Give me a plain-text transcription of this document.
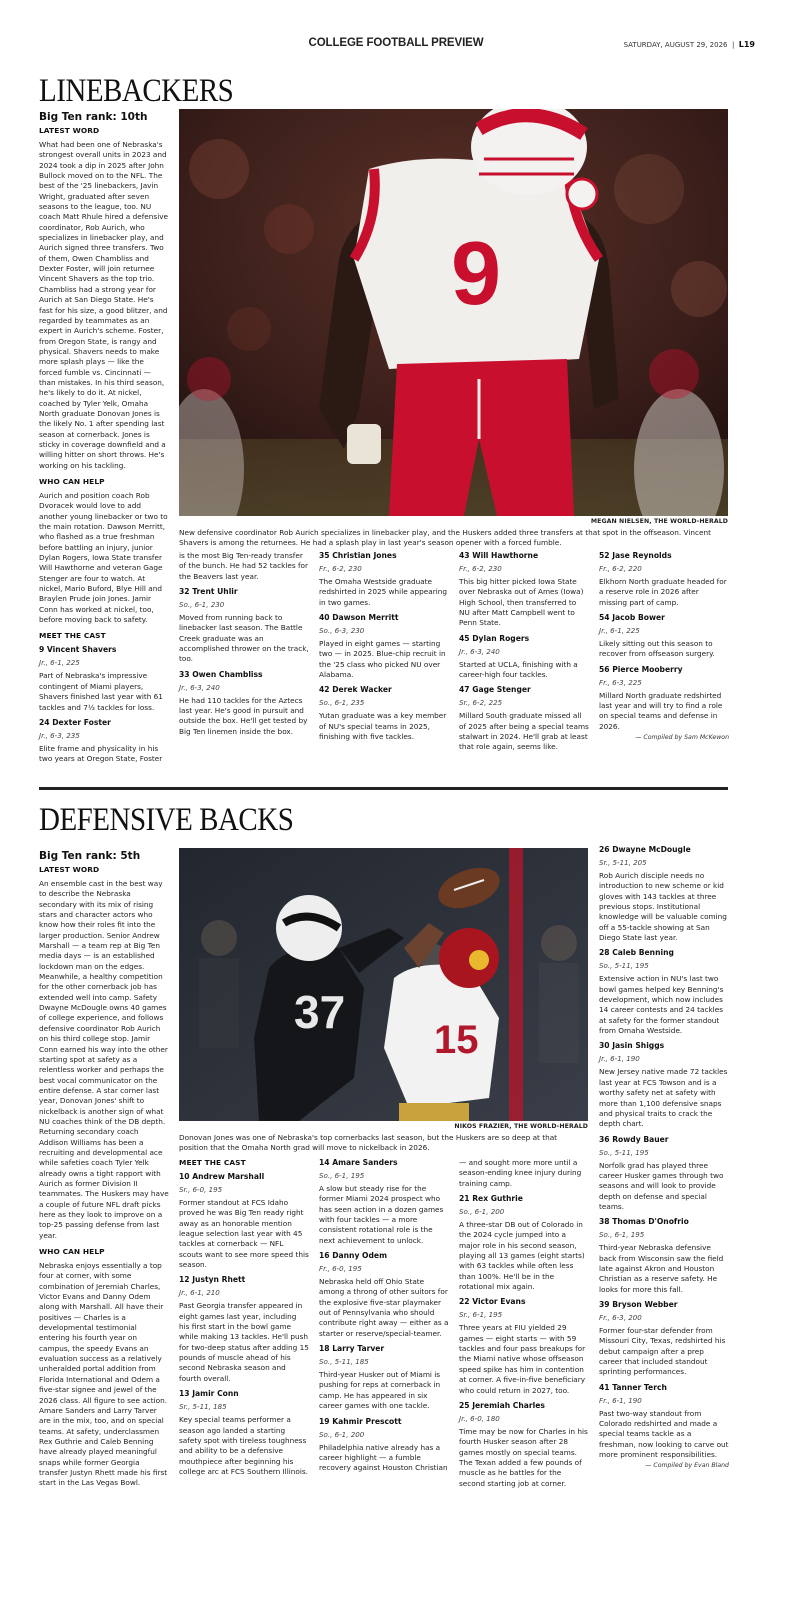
COLLEGE FOOTBALL PREVIEW	SATURDAY, AUGUST 29, 2026  |  L19
LINEBACKERS
Big Ten rank: 10th
LATEST WORD
What had been one of Nebraska's strongest overall units in 2023 and 2024 took a dip in 2025 after John Bullock moved on to the NFL. The best of the '25 linebackers, Javin Wright, graduated after seven seasons to the league, too. NU coach Matt Rhule hired a defensive coordinator, Rob Aurich, who specializes in linebacker play, and Aurich signed three transfers. Two of them, Owen Chambliss and Dexter Foster, will join returnee Vincent Shavers as the top trio. Chambliss had a strong year for Aurich at San Diego State. He's fast for his size, a good blitzer, and regarded by teammates as an expert in Aurich's scheme. Foster, from Oregon State, is rangy and physical. Shavers needs to make more splash plays — like the forced fumble vs. Cincinnati — than mistakes. In his third season, he's likely to do it. At nickel, coached by Tyler Yelk, Omaha North graduate Donovan Jones is the likely No. 1 after spending last season at cornerback. Jones is sticky in coverage downfield and a willing hitter on short throws. He's working on his tackling.
WHO CAN HELP
Aurich and position coach Rob Dvoracek would love to add another young linebacker or two to the main rotation. Dawson Merritt, who flashed as a true freshman before battling an injury, junior Dylan Rogers, Iowa State transfer Will Hawthorne and veteran Gage Stenger are four to watch. At nickel, Mario Buford, Blye Hill and Braylen Prude join Jones. Jamir Conn has worked at nickel, too, before moving back to safety.
MEET THE CAST
9 Vincent Shavers
Jr., 6-1, 225
Part of Nebraska's impressive contingent of Miami players, Shavers finished last year with 61 tackles and 7½ tackles for loss.
24 Dexter Foster
Jr., 6-3, 235
Elite frame and physicality in his two years at Oregon State, Foster
9
MEGAN NIELSEN, THE WORLD-HERALD
New defensive coordinator Rob Aurich specializes in linebacker play, and the Huskers added three transfers at that spot in the offseason. Vincent Shavers is among the returnees. He had a splash play in last year's season opener with a forced fumble.
is the most Big Ten-ready transfer of the bunch. He had 52 tackles for the Beavers last year.
32 Trent Uhlir
So., 6-1, 230
Moved from running back to linebacker last season. The Battle Creek graduate was an accomplished thrower on the track, too.
33 Owen Chambliss
Jr., 6-3, 240
He had 110 tackles for the Aztecs last year. He's good in pursuit and outside the box. He'll get tested by Big Ten linemen inside the box.
35 Christian Jones
Fr., 6-2, 230
The Omaha Westside graduate redshirted in 2025 while appearing in two games.
40 Dawson Merritt
So., 6-3, 230
Played in eight games — starting two — in 2025. Blue-chip recruit in the '25 class who picked NU over Alabama.
42 Derek Wacker
So., 6-1, 235
Yutan graduate was a key member of NU's special teams in 2025, finishing with five tackles.
43 Will Hawthorne
Fr., 6-2, 230
This big hitter picked Iowa State over Nebraska out of Ames (Iowa) High School, then transferred to NU after Matt Campbell went to Penn State.
45 Dylan Rogers
Jr., 6-3, 240
Started at UCLA, finishing with a career-high four tackles.
47 Gage Stenger
Sr., 6-2, 225
Millard South graduate missed all of 2025 after being a special teams stalwart in 2024. He'll grab at least that role again, seems like.
52 Jase Reynolds
Fr., 6-2, 220
Elkhorn North graduate headed for a reserve role in 2026 after missing part of camp.
54 Jacob Bower
Jr., 6-1, 225
Likely sitting out this season to recover from offseason surgery.
56 Pierce Mooberry
Fr., 6-3, 225
Millard North graduate redshirted last year and will try to find a role on special teams and defense in 2026.
— Compiled by Sam McKewon
DEFENSIVE BACKS
Big Ten rank: 5th
LATEST WORD
An ensemble cast in the best way to describe the Nebraska secondary with its mix of rising stars and character actors who know how their roles fit into the larger production. Senior Andrew Marshall — a team rep at Big Ten media days — is an established lockdown man on the edges. Meanwhile, a healthy competition for the other cornerback job has extended well into camp. Safety Dwayne McDougle owns 40 games of college experience, and follows defensive coordinator Rob Aurich on his third college stop. Jamir Conn earned his way into the other starting spot at safety as a relentless worker and perhaps the best vocal communicator on the entire defense. A star corner last year, Donovan Jones' shift to nickelback is another sign of what NU coaches think of the DB depth. Returning secondary coach Addison Williams has been a recruiting and developmental ace while safeties coach Tyler Yelk already owns a tight rapport with Aurich as former Division II teammates. The Huskers may have a couple of future NFL draft picks here as they look to improve on a top-25 passing defense from last year.
WHO CAN HELP
Nebraska enjoys essentially a top four at corner, with some combination of Jeremiah Charles, Victor Evans and Danny Odem along with Marshall. All have their positives — Charles is a developmental testimonial entering his fourth year on campus, the speedy Evans an evaluation success as a relatively unheralded portal addition from Florida International and Odem a five-star signee and jewel of the 2026 class. All figure to see action. Amare Sanders and Larry Tarver are in the mix, too, and on special teams. At safety, underclassmen Rex Guthrie and Caleb Benning have already played meaningful snaps while former Georgia transfer Justyn Rhett made his first start in the Las Vegas Bowl.
37
15
NIKOS FRAZIER, THE WORLD-HERALD
Donovan Jones was one of Nebraska's top cornerbacks last season, but the Huskers are so deep at that position that the Omaha North grad will move to nickelback in 2026.
MEET THE CAST
10 Andrew Marshall
Sr., 6-0, 195
Former standout at FCS Idaho proved he was Big Ten ready right away as an honorable mention league selection last year with 45 tackles at cornerback — NFL scouts want to see more speed this season.
12 Justyn Rhett
Jr., 6-1, 210
Past Georgia transfer appeared in eight games last year, including his first start in the bowl game while making 13 tackles. He'll push for two-deep status after adding 15 pounds of muscle ahead of his second Nebraska season and fourth overall.
13 Jamir Conn
Sr., 5-11, 185
Key special teams performer a season ago landed a starting safety spot with tireless toughness and ability to be a defensive mouthpiece after beginning his college arc at FCS Southern Illinois.
14 Amare Sanders
So., 6-1, 195
A slow but steady rise for the former Miami 2024 prospect who has seen action in a dozen games with four tackles — a more consistent rotational role is the next achievement to unlock.
16 Danny Odem
Fr., 6-0, 195
Nebraska held off Ohio State among a throng of other suitors for the explosive five-star playmaker out of Pennsylvania who should contribute right away — either as a starter or reserve/special-teamer.
18 Larry Tarver
So., 5-11, 185
Third-year Husker out of Miami is pushing for reps at cornerback in camp. He has appeared in six career games with one tackle.
19 Kahmir Prescott
So., 6-1, 200
Philadelphia native already has a career highlight — a fumble recovery against Houston Christian
— and sought more more until a season-ending knee injury during training camp.
21 Rex Guthrie
So., 6-1, 200
A three-star DB out of Colorado in the 2024 cycle jumped into a major role in his second season, playing all 13 games (eight starts) with 63 tackles while often less than 100%. He'll be in the rotational mix again.
22 Victor Evans
Sr., 6-1, 195
Three years at FIU yielded 29 games — eight starts — with 59 tackles and four pass breakups for the Miami native whose offseason speed spike has him in contention at corner. A five-in-five beneficiary who could return in 2027, too.
25 Jeremiah Charles
Jr., 6-0, 180
Time may be now for Charles in his fourth Husker season after 28 games mostly on special teams. The Texan added a few pounds of muscle as he battles for the second starting job at corner.
26 Dwayne McDougle
Sr., 5-11, 205
Rob Aurich disciple needs no introduction to new scheme or kid gloves with 143 tackles at three previous stops. Institutional knowledge will be valuable coming off a 55-tackle showing at San Diego State last year.
28 Caleb Benning
So., 5-11, 195
Extensive action in NU's last two bowl games helped key Benning's development, which now includes 14 career contests and 24 tackles at safety for the former standout from Omaha Westside.
30 Jasin Shiggs
Jr., 6-1, 190
New Jersey native made 72 tackles last year at FCS Towson and is a worthy safety net at safety with more than 1,100 defensive snaps and physical traits to crack the depth chart.
36 Rowdy Bauer
So., 5-11, 195
Norfolk grad has played three career Husker games through two seasons and will look to provide depth on defense and special teams.
38 Thomas D'Onofrio
So., 6-1, 195
Third-year Nebraska defensive back from Wisconsin saw the field late against Akron and Houston Christian as a reserve safety. He looks for more this fall.
39 Bryson Webber
Fr., 6-3, 200
Former four-star defender from Missouri City, Texas, redshirted his debut campaign after a prep career that included standout sprinting performances.
41 Tanner Terch
Fr., 6-1, 190
Past two-way standout from Colorado redshirted and made a special teams tackle as a freshman, now looking to carve out more prominent responsibilities.
— Compiled by Evan Bland
